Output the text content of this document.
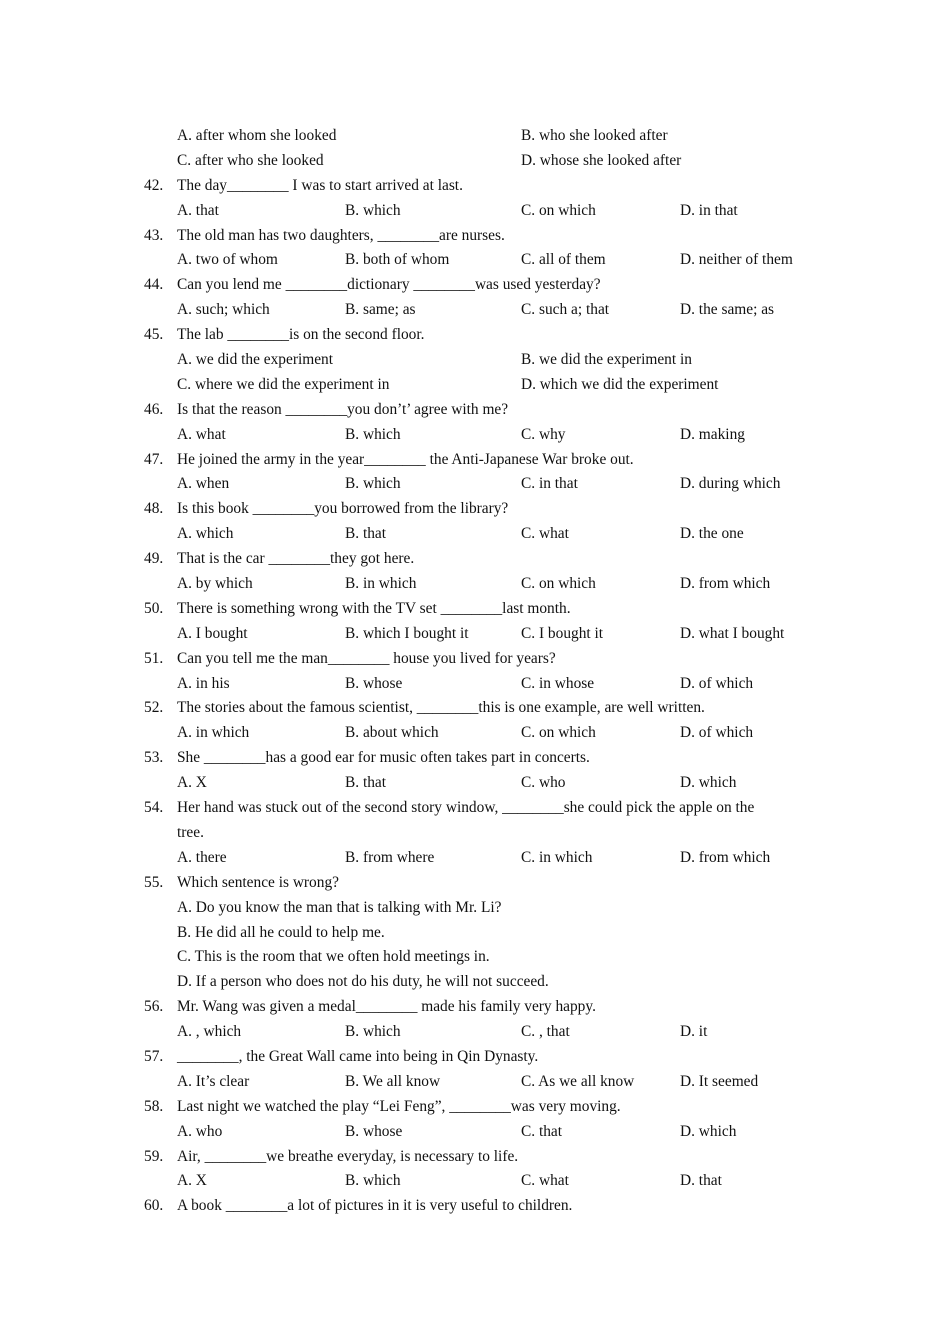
A. after whom she looked	B. who she looked after
C. after who she looked	D. whose she looked after
42. The day________ I was to start arrived at last.
A. that	B. which	C. on which	D. in that
43. The old man has two daughters, ________are nurses.
A. two of whom	B. both of whom	C. all of them	D. neither of them
44. Can you lend me ________dictionary ________was used yesterday?
A. such; which	B. same; as	C. such a; that	D. the same; as
45. The lab ________is on the second floor.
A. we did the experiment	B. we did the experiment in
C. where we did the experiment in	D. which we did the experiment
46. Is that the reason ________you don’t’ agree with me?
A. what	B. which	C. why	D. making
47. He joined the army in the year________ the Anti-Japanese War broke out.
A. when	B. which	C. in that	D. during which
48. Is this book ________you borrowed from the library?
A. which	B. that	C. what	D. the one
49. That is the car ________they got here.
A. by which	B. in which	C. on which	D. from which
50. There is something wrong with the TV set ________last month.
A. I bought	B. which I bought it	C. I bought it	D. what I bought
51. Can you tell me the man________ house you lived for years?
A. in his	B. whose	C. in whose	D. of which
52. The stories about the famous scientist, ________this is one example, are well written.
A. in which	B. about which	C. on which	D. of which
53. She ________has a good ear for music often takes part in concerts.
A. X	B. that	C. who	D. which
54. Her hand was stuck out of the second story window, ________she could pick the apple on the
tree.
A. there	B. from where	C. in which	D. from which
55. Which sentence is wrong?
A. Do you know the man that is talking with Mr. Li?
B. He did all he could to help me.
C. This is the room that we often hold meetings in.
D. If a person who does not do his duty, he will not succeed.
56. Mr. Wang was given a medal________ made his family very happy.
A. , which	B. which	C. , that	D. it
57. ________, the Great Wall came into being in Qin Dynasty.
A. It’s clear	B. We all know	C. As we all know	D. It seemed
58. Last night we watched the play “Lei Feng”, ________was very moving.
A. who	B. whose	C. that	D. which
59. Air, ________we breathe everyday, is necessary to life.
A. X	B. which	C. what	D. that
60. A book ________a lot of pictures in it is very useful to children.
